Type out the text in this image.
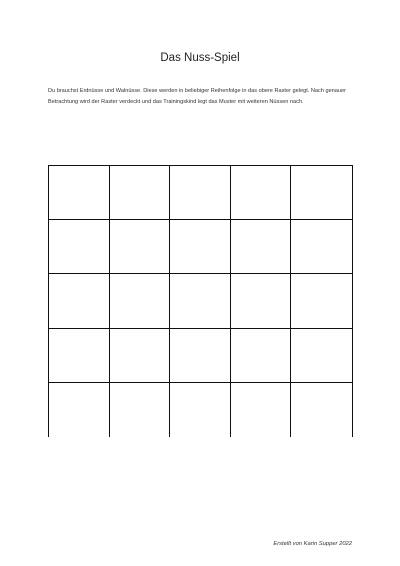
Das Nuss-Spiel
Du brauchst Erdnüsse und Walnüsse. Diese werden in beliebiger Reihenfolge in das obere Raster gelegt. Nach genauer Betrachtung wird der Raster verdeckt und das Trainingskind legt das Muster mit weiteren Nüssen nach.
Erstellt von Karin Supper 2022
